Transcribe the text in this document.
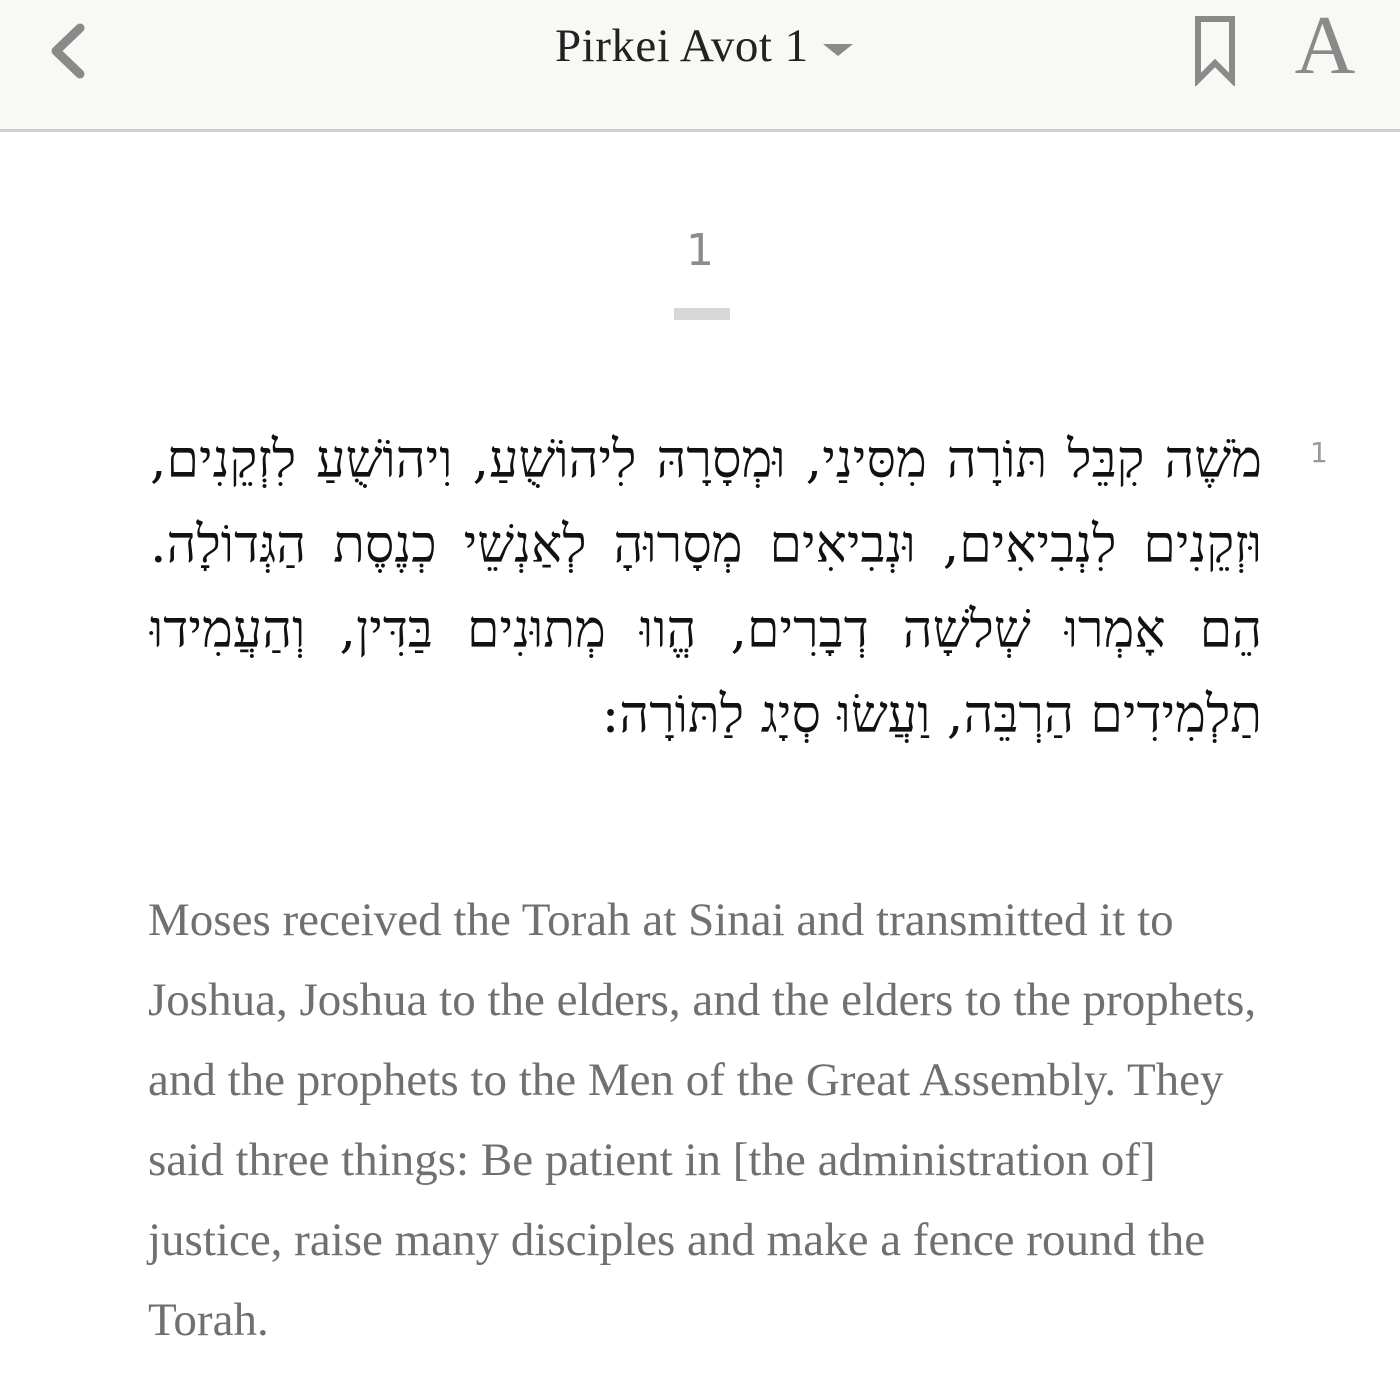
Pirkei Avot 1	A
1
1
מֹשֶׁה קִבֵּל תּוֹרָה מִסִּינַי, וּמְסָרָהּ לִיהוֹשֻׁעַ, וִיהוֹשֻׁעַ לִזְקֵנִים, וּזְקֵנִים לִנְבִיאִים, וּנְבִיאִים מְסָרוּהָ לְאַנְשֵׁי כְנֶסֶת הַגְּדוֹלָה. הֵם אָמְרוּ שְׁלשָׁה דְבָרִים, הֱווּ מְתוּנִים בַּדִּין, וְהַעֲמִידוּ תַלְמִידִים הַרְבֵּה, וַעֲשׂוּ סְיָג לַתּוֹרָה:
Moses received the Torah at Sinai and transmitted it to Joshua, Joshua to the elders, and the elders to the prophets, and the prophets to the Men of the Great Assembly. They said three things: Be patient in [the administration of] justice, raise many disciples and make a fence round the Torah.
